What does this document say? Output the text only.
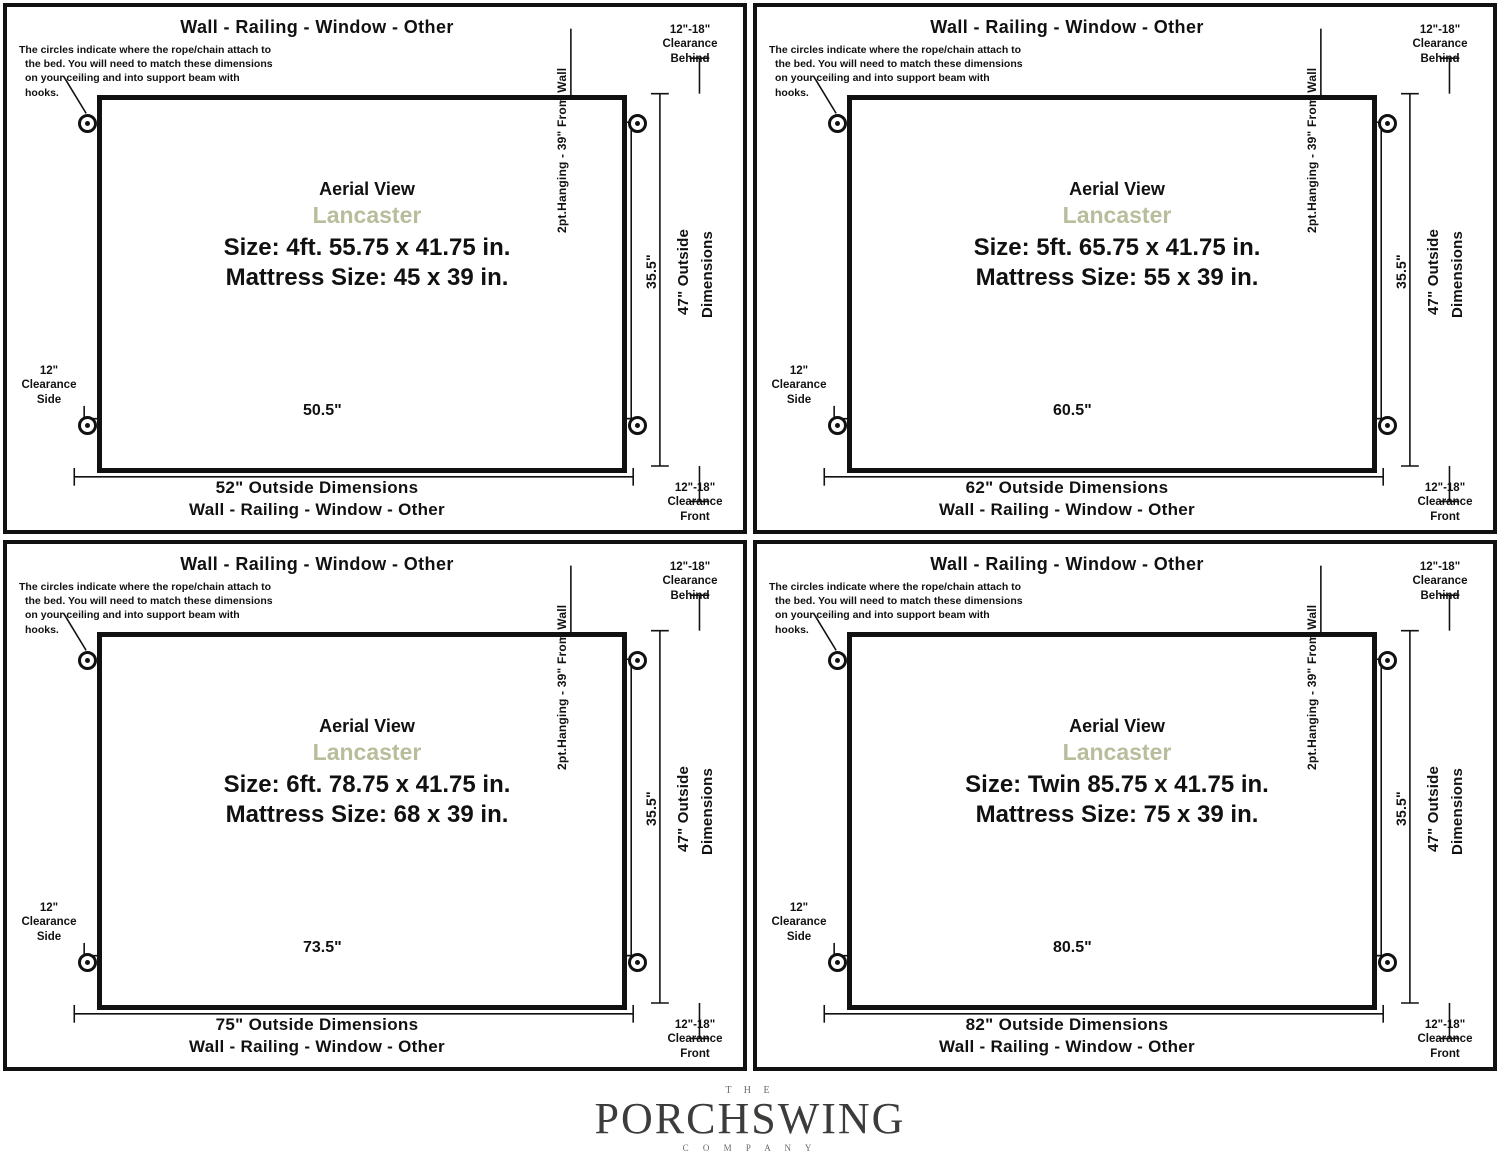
Wall - Railing - Window - Other
The circles indicate where the rope/chain attach to
the bed. You will need to match these dimensions
on your ceiling and into support beam with hooks.
Aerial View
Lancaster
Size: 4ft. 55.75 x 41.75 in.
Mattress Size: 45 x 39 in.
50.5"
12"
Clearance
Side
12"-18"
Clearance
Behind
12"-18"
Clearance
Front
2pt.Hanging - 39" From Wall
35.5" 47" Outside Dimensions
52" Outside Dimensions
Wall - Railing - Window - Other
Wall - Railing - Window - Other
The circles indicate where the rope/chain attach to
the bed. You will need to match these dimensions
on your ceiling and into support beam with hooks.
Aerial View
Lancaster
Size: 5ft. 65.75 x 41.75 in.
Mattress Size: 55 x 39 in.
60.5"
12"
Clearance
Side
12"-18"
Clearance
Behind
12"-18"
Clearance
Front
2pt.Hanging - 39" From Wall
35.5" 47" Outside Dimensions
62" Outside Dimensions
Wall - Railing - Window - Other
Wall - Railing - Window - Other
The circles indicate where the rope/chain attach to
the bed. You will need to match these dimensions
on your ceiling and into support beam with hooks.
Aerial View
Lancaster
Size: 6ft. 78.75 x 41.75 in.
Mattress Size: 68 x 39 in.
73.5"
12"
Clearance
Side
12"-18"
Clearance
Behind
12"-18"
Clearance
Front
2pt.Hanging - 39" From Wall
35.5" 47" Outside Dimensions
75" Outside Dimensions
Wall - Railing - Window - Other
Wall - Railing - Window - Other
The circles indicate where the rope/chain attach to
the bed. You will need to match these dimensions
on your ceiling and into support beam with hooks.
Aerial View
Lancaster
Size: Twin 85.75 x 41.75 in.
Mattress Size: 75 x 39 in.
80.5"
12"
Clearance
Side
12"-18"
Clearance
Behind
12"-18"
Clearance
Front
2pt.Hanging - 39" From Wall
35.5" 47" Outside Dimensions
82" Outside Dimensions
Wall - Railing - Window - Other
T H E
PORCHSWING
C O M P A N Y
